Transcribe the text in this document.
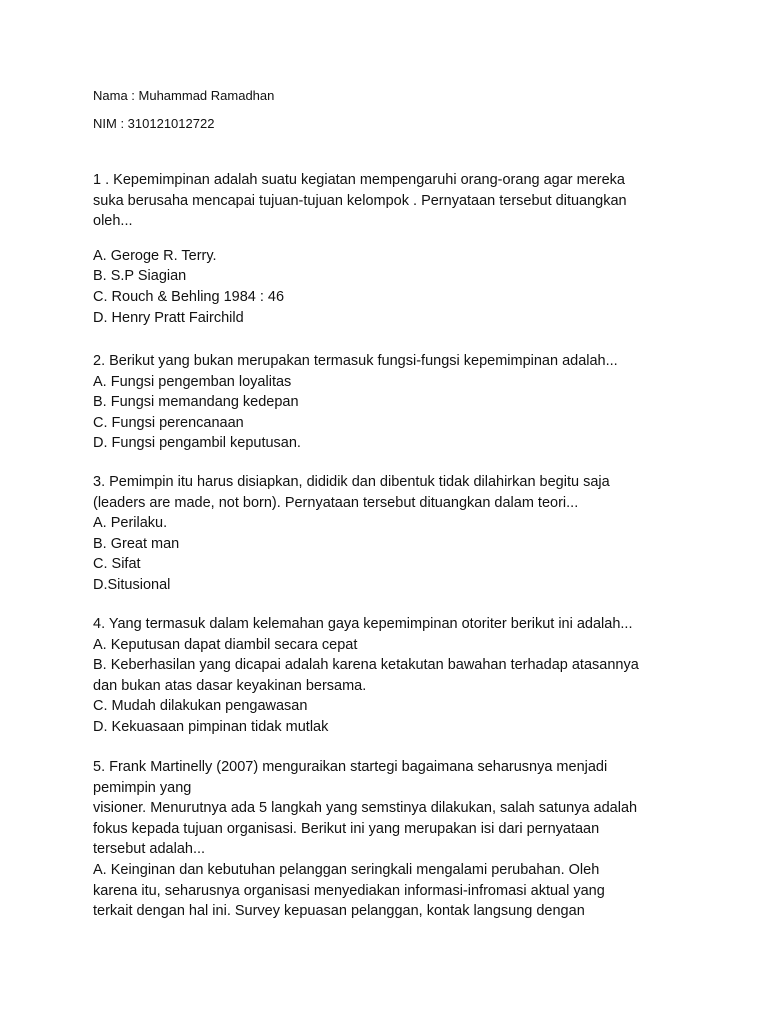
Nama : Muhammad Ramadhan
NIM : 310121012722
1 . Kepemimpinan adalah suatu kegiatan mempengaruhi orang-orang agar mereka
suka berusaha mencapai tujuan-tujuan kelompok . Pernyataan tersebut dituangkan
oleh...
A. Geroge R. Terry.
B. S.P Siagian
C. Rouch & Behling 1984 : 46
D. Henry Pratt Fairchild
2. Berikut yang bukan merupakan termasuk fungsi-fungsi kepemimpinan adalah...
A. Fungsi pengemban loyalitas
B. Fungsi memandang kedepan
C. Fungsi perencanaan
D. Fungsi pengambil keputusan.
3. Pemimpin itu harus disiapkan, dididik dan dibentuk tidak dilahirkan begitu saja
(leaders are made, not born). Pernyataan tersebut dituangkan dalam teori...
A. Perilaku.
B. Great man
C. Sifat
D.Situsional
4. Yang termasuk dalam kelemahan gaya kepemimpinan otoriter berikut ini adalah...
A. Keputusan dapat diambil secara cepat
B. Keberhasilan yang dicapai adalah karena ketakutan bawahan terhadap atasannya
dan bukan atas dasar keyakinan bersama.
C. Mudah dilakukan pengawasan
D. Kekuasaan pimpinan tidak mutlak
5. Frank Martinelly (2007) menguraikan startegi bagaimana seharusnya menjadi
pemimpin yang
visioner. Menurutnya ada 5 langkah yang semstinya dilakukan, salah satunya adalah
fokus kepada tujuan organisasi. Berikut ini yang merupakan isi dari pernyataan
tersebut adalah...
A. Keinginan dan kebutuhan pelanggan seringkali mengalami perubahan. Oleh
karena itu, seharusnya organisasi menyediakan informasi-infromasi aktual yang
terkait dengan hal ini. Survey kepuasan pelanggan, kontak langsung dengan
